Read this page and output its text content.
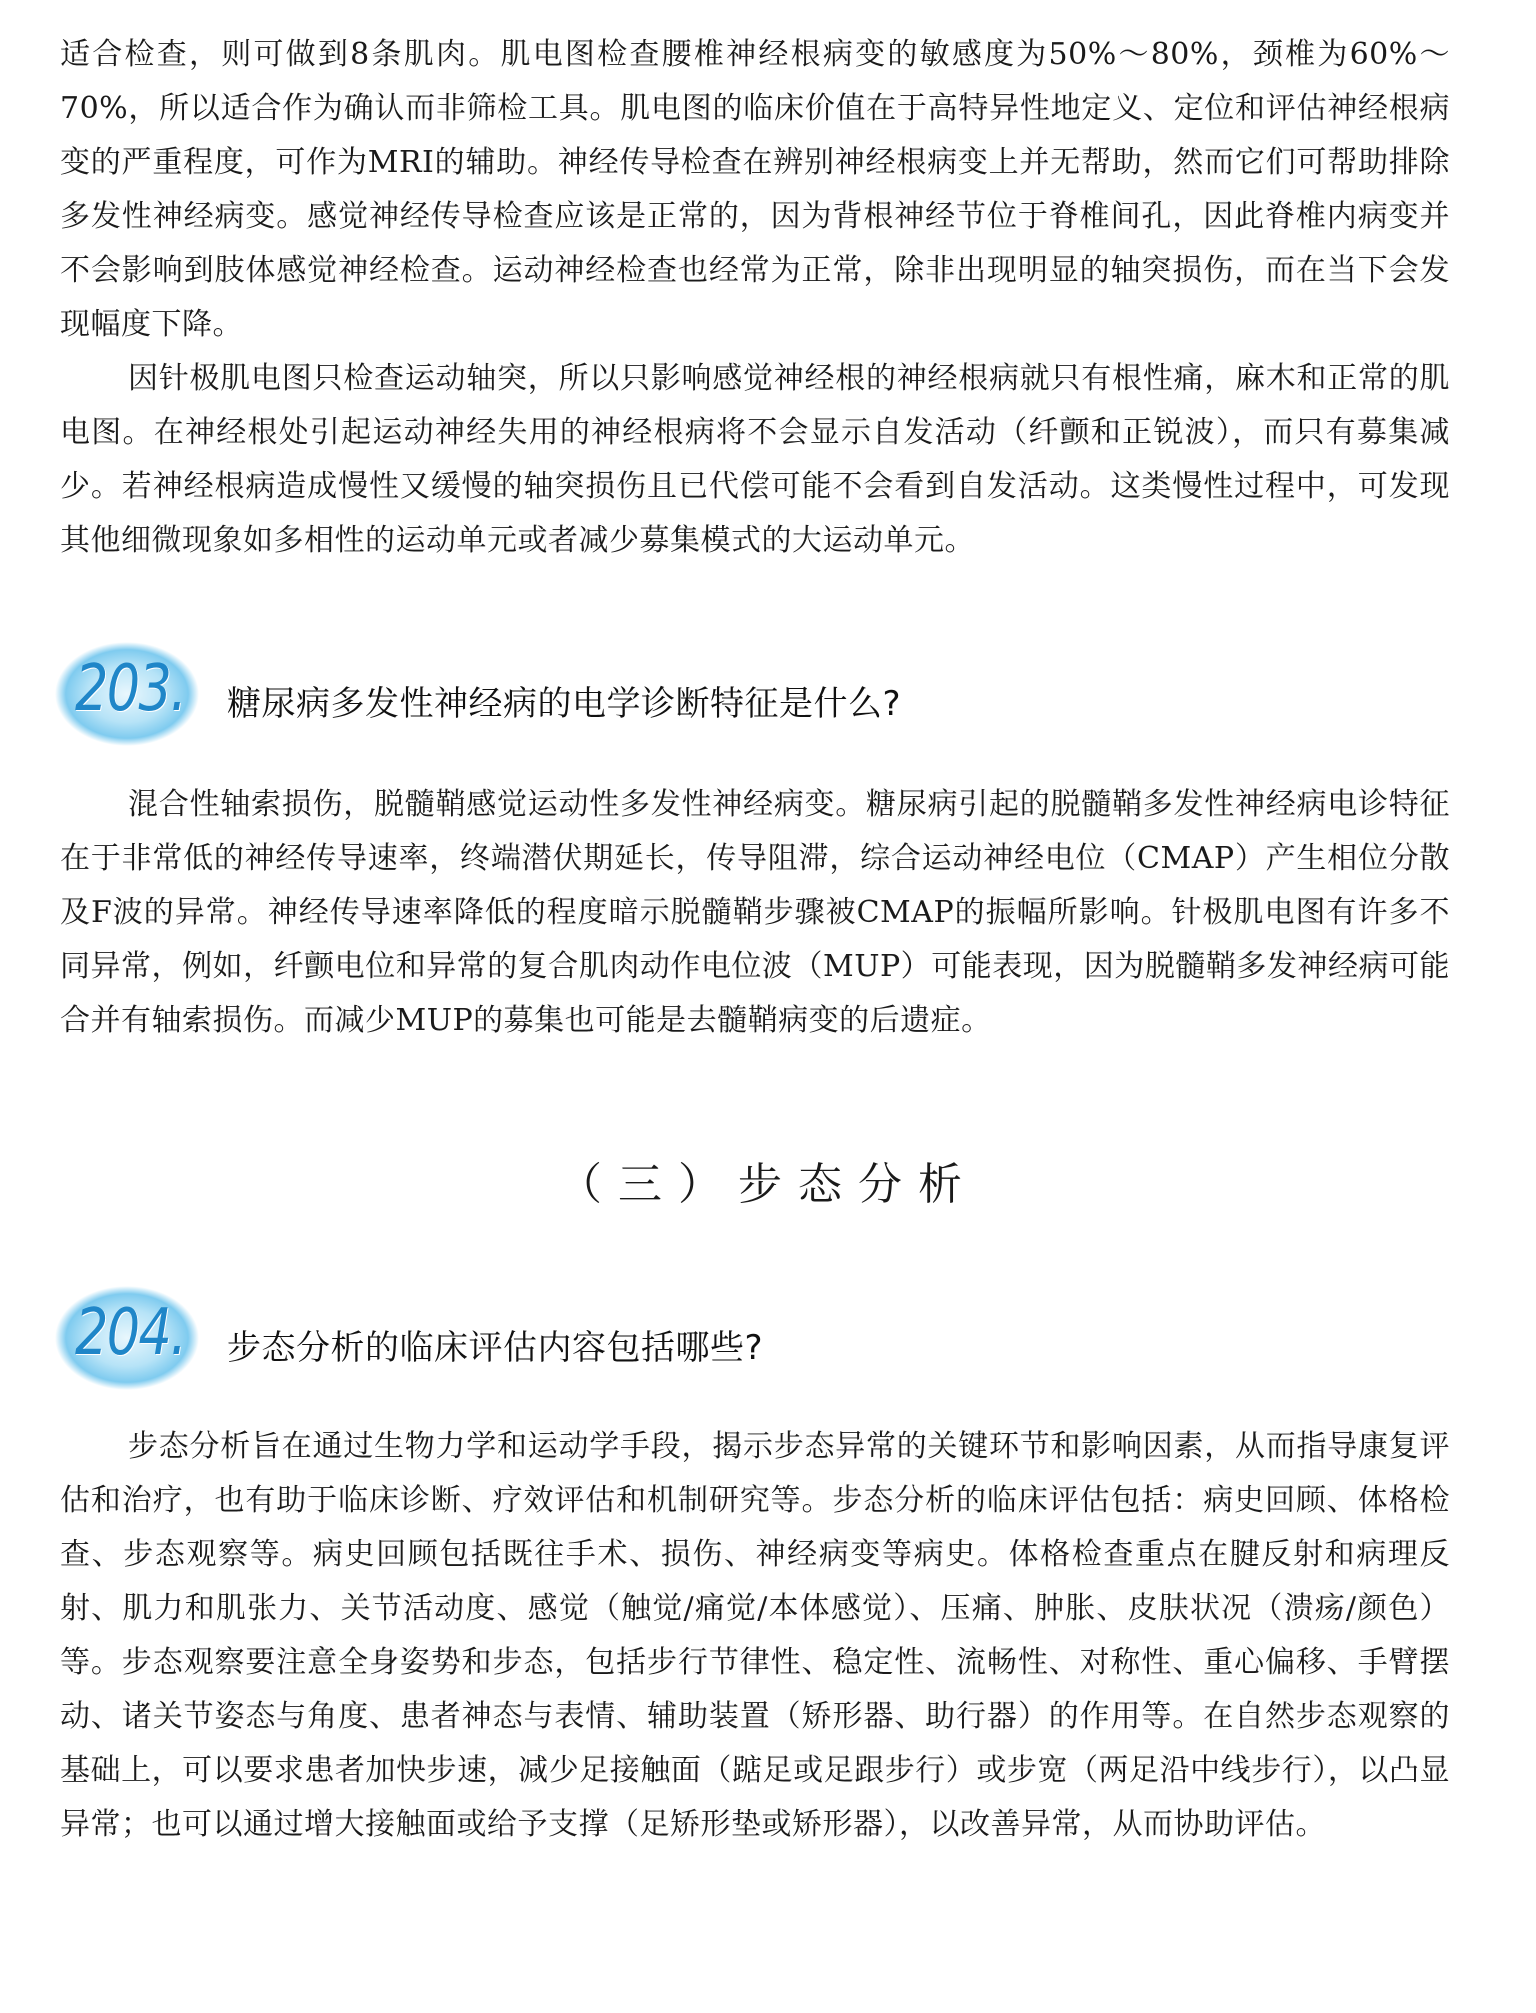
适合检查，则可做到8条肌肉。肌电图检查腰椎神经根病变的敏感度为50%～80%，颈椎为60%～70%，所以适合作为确认而非筛检工具。肌电图的临床价值在于高特异性地定义、定位和评估神经根病变的严重程度，可作为MRI的辅助。神经传导检查在辨别神经根病变上并无帮助，然而它们可帮助排除多发性神经病变。感觉神经传导检查应该是正常的，因为背根神经节位于脊椎间孔，因此脊椎内病变并不会影响到肢体感觉神经检查。运动神经检查也经常为正常，除非出现明显的轴突损伤，而在当下会发现幅度下降。

因针极肌电图只检查运动轴突，所以只影响感觉神经根的神经根病就只有根性痛，麻木和正常的肌电图。在神经根处引起运动神经失用的神经根病将不会显示自发活动（纤颤和正锐波），而只有募集减少。若神经根病造成慢性又缓慢的轴突损伤且已代偿可能不会看到自发活动。这类慢性过程中，可发现其他细微现象如多相性的运动单元或者减少募集模式的大运动单元。

203. 糖尿病多发性神经病的电学诊断特征是什么?

混合性轴索损伤，脱髓鞘感觉运动性多发性神经病变。糖尿病引起的脱髓鞘多发性神经病电诊特征在于非常低的神经传导速率，终端潜伏期延长，传导阻滞，综合运动神经电位（CMAP）产生相位分散及F波的异常。神经传导速率降低的程度暗示脱髓鞘步骤被CMAP的振幅所影响。针极肌电图有许多不同异常，例如，纤颤电位和异常的复合肌肉动作电位波（MUP）可能表现，因为脱髓鞘多发神经病可能合并有轴索损伤。而减少MUP的募集也可能是去髓鞘病变的后遗症。

（三）步态分析
204. 步态分析的临床评估内容包括哪些?

步态分析旨在通过生物力学和运动学手段，揭示步态异常的关键环节和影响因素，从而指导康复评估和治疗，也有助于临床诊断、疗效评估和机制研究等。步态分析的临床评估包括：病史回顾、体格检查、步态观察等。病史回顾包括既往手术、损伤、神经病变等病史。体格检查重点在腱反射和病理反射、肌力和肌张力、关节活动度、感觉（触觉/痛觉/本体感觉）、压痛、肿胀、皮肤状况（溃疡/颜色）等。步态观察要注意全身姿势和步态，包括步行节律性、稳定性、流畅性、对称性、重心偏移、手臂摆动、诸关节姿态与角度、患者神态与表情、辅助装置（矫形器、助行器）的作用等。在自然步态观察的基础上，可以要求患者加快步速，减少足接触面（踮足或足跟步行）或步宽（两足沿中线步行），以凸显异常；也可以通过增大接触面或给予支撑（足矫形垫或矫形器），以改善异常，从而协助评估。
